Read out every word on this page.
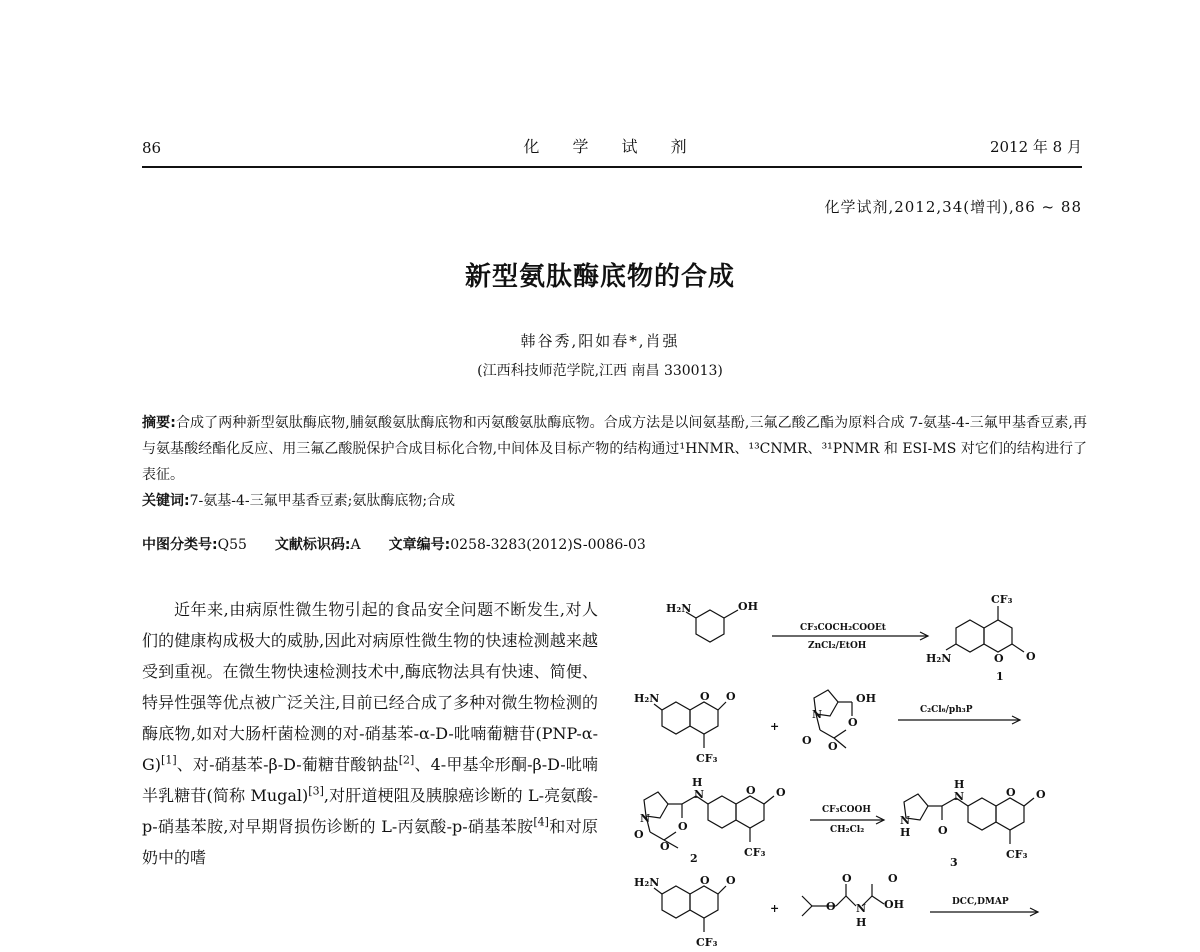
86	化 学 试 剂	2012 年 8 月
化学试剂,2012,34(增刊),86 ~ 88
新型氨肽酶底物的合成
韩谷秀,阳如春*,肖强
(江西科技师范学院,江西 南昌 330013)

摘要:合成了两种新型氨肽酶底物,脯氨酸氨肽酶底物和丙氨酸氨肽酶底物。合成方法是以间氨基酚,三氟乙酸乙酯为原料合成 7-氨基-4-三氟甲基香豆素,再与氨基酸经酯化反应、用三氟乙酸脱保护合成目标化合物,中间体及目标产物的结构通过¹HNMR、¹³CNMR、³¹PNMR 和 ESI-MS 对它们的结构进行了表征。

关键词:7-氨基-4-三氟甲基香豆素;氨肽酶底物;合成

中图分类号:Q55 文献标识码:A 文章编号:0258-3283(2012)S-0086-03

近年来,由病原性微生物引起的食品安全问题不断发生,对人们的健康构成极大的威胁,因此对病原性微生物的快速检测越来越受到重视。在微生物快速检测技术中,酶底物法具有快速、简便、特异性强等优点被广泛关注,目前已经合成了多种对微生物检测的酶底物,如对大肠杆菌检测的对-硝基苯-α-D-吡喃葡糖苷(PNP-α-G)[1]、对-硝基苯-β-D-葡糖苷酸钠盐[2]、4-甲基伞形酮-β-D-吡喃半乳糖苷(简称 Mugal)[3],对肝道梗阻及胰腺癌诊断的 L-亮氨酸-p-硝基苯胺,对早期肾损伤诊断的 L-丙氨酸-p-硝基苯胺[4]和对原奶中的嗜

H₂N	OH
CF₃COCH₂COOEt
ZnCl₂/EtOH
CF₃
H₂N	O O
1
H₂N	O O
CF₃
+
N
OH
O
O O
C₂Cl₆/ph₃P
H
N
N
O
O
O
O O
CF₃
2
CF₃COOH
CH₂Cl₂
H
H
N
N
O
O O
CF₃
3
H₂N	O O
CF₃
+	O
O	O
H
N OH	DCC,DMAP
